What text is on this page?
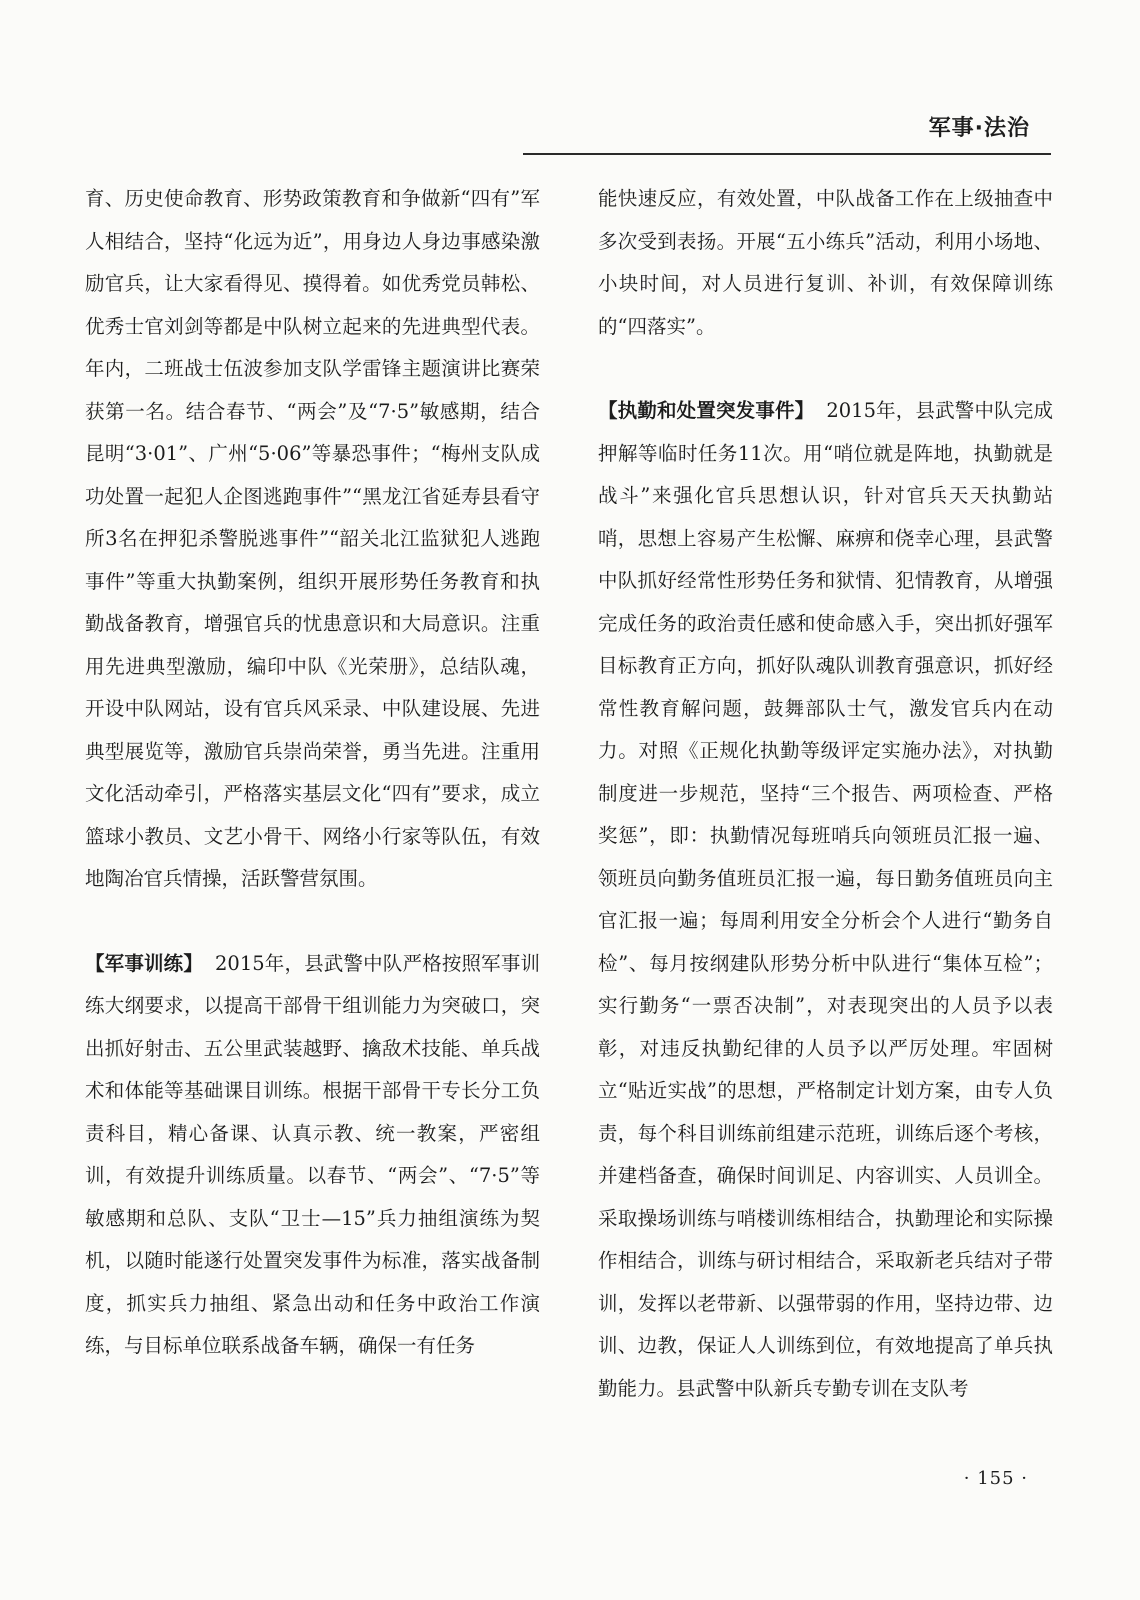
军事·法治

育、历史使命教育、形势政策教育和争做新“四有”军人相结合，坚持“化远为近”，用身边人身边事感染激励官兵，让大家看得见、摸得着。如优秀党员韩松、优秀士官刘剑等都是中队树立起来的先进典型代表。年内，二班战士伍波参加支队学雷锋主题演讲比赛荣获第一名。结合春节、“两会”及“7·5”敏感期，结合昆明“3·01”、广州“5·06”等暴恐事件；“梅州支队成功处置一起犯人企图逃跑事件”“黑龙江省延寿县看守所3名在押犯杀警脱逃事件”“韶关北江监狱犯人逃跑事件”等重大执勤案例，组织开展形势任务教育和执勤战备教育，增强官兵的忧患意识和大局意识。注重用先进典型激励，编印中队《光荣册》，总结队魂，开设中队网站，设有官兵风采录、中队建设展、先进典型展览等，激励官兵崇尚荣誉，勇当先进。注重用文化活动牵引，严格落实基层文化“四有”要求，成立篮球小教员、文艺小骨干、网络小行家等队伍，有效地陶冶官兵情操，活跃警营氛围。

【军事训练】 2015年，县武警中队严格按照军事训练大纲要求，以提高干部骨干组训能力为突破口，突出抓好射击、五公里武装越野、擒敌术技能、单兵战术和体能等基础课目训练。根据干部骨干专长分工负责科目，精心备课、认真示教、统一教案，严密组训，有效提升训练质量。以春节、“两会”、“7·5”等敏感期和总队、支队“卫士—15”兵力抽组演练为契机，以随时能遂行处置突发事件为标准，落实战备制度，抓实兵力抽组、紧急出动和任务中政治工作演练，与目标单位联系战备车辆，确保一有任务

能快速反应，有效处置，中队战备工作在上级抽查中多次受到表扬。开展“五小练兵”活动，利用小场地、小块时间，对人员进行复训、补训，有效保障训练的“四落实”。

【执勤和处置突发事件】 2015年，县武警中队完成押解等临时任务11次。用“哨位就是阵地，执勤就是战斗”来强化官兵思想认识，针对官兵天天执勤站哨，思想上容易产生松懈、麻痹和侥幸心理，县武警中队抓好经常性形势任务和狱情、犯情教育，从增强完成任务的政治责任感和使命感入手，突出抓好强军目标教育正方向，抓好队魂队训教育强意识，抓好经常性教育解问题，鼓舞部队士气，激发官兵内在动力。对照《正规化执勤等级评定实施办法》，对执勤制度进一步规范，坚持“三个报告、两项检查、严格奖惩”，即：执勤情况每班哨兵向领班员汇报一遍、领班员向勤务值班员汇报一遍，每日勤务值班员向主官汇报一遍；每周利用安全分析会个人进行“勤务自检”、每月按纲建队形势分析中队进行“集体互检”；实行勤务“一票否决制”，对表现突出的人员予以表彰，对违反执勤纪律的人员予以严厉处理。牢固树立“贴近实战”的思想，严格制定计划方案，由专人负责，每个科目训练前组建示范班，训练后逐个考核，并建档备查，确保时间训足、内容训实、人员训全。采取操场训练与哨楼训练相结合，执勤理论和实际操作相结合，训练与研讨相结合，采取新老兵结对子带训，发挥以老带新、以强带弱的作用，坚持边带、边训、边教，保证人人训练到位，有效地提高了单兵执勤能力。县武警中队新兵专勤专训在支队考

· 155 ·
